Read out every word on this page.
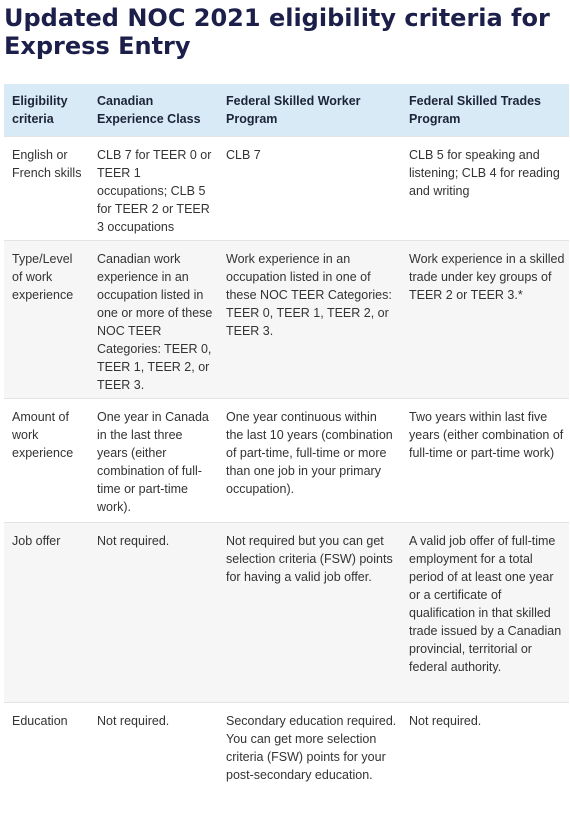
Updated NOC 2021 eligibility criteria for Express Entry
Eligibility criteria	Canadian Experience Class	Federal Skilled Worker Program	Federal Skilled Trades Program
English or French skills	CLB 7 for TEER 0 or TEER 1 occupations; CLB 5 for TEER 2 or TEER 3 occupations	CLB 7	CLB 5 for speaking and listening; CLB 4 for reading and writing
Type/Level of work experience	Canadian work experience in an occupation listed in one or more of these NOC TEER Categories: TEER 0, TEER 1, TEER 2, or TEER 3.	Work experience in an occupation listed in one of these NOC TEER Categories: TEER 0, TEER 1, TEER 2, or TEER 3.	Work experience in a skilled trade under key groups of TEER 2 or TEER 3.*
Amount of work experience	One year in Canada in the last three years (either combination of full-time or part-time work).	One year continuous within the last 10 years (combination of part-time, full-time or more than one job in your primary occupation).	Two years within last five years (either combination of full-time or part-time work)
Job offer	Not required.	Not required but you can get selection criteria (FSW) points for having a valid job offer.	A valid job offer of full-time employment for a total period of at least one year or a certificate of qualification in that skilled trade issued by a Canadian provincial, territorial or federal authority.
Education	Not required.	Secondary education required. You can get more selection criteria (FSW) points for your post-secondary education.	Not required.
